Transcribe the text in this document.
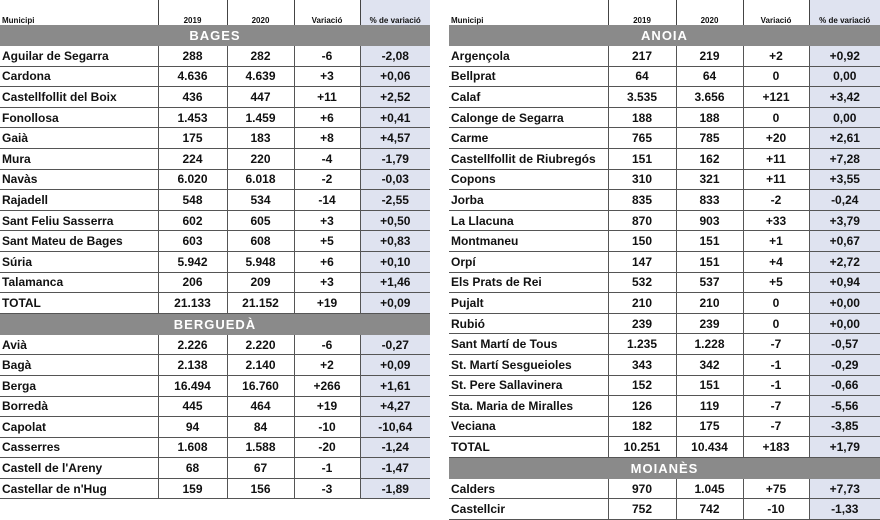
Municipi	2019	2020	Variació	% de variació
BAGES				
Aguilar de Segarra	288	282	-6	-2,08
Cardona	4.636	4.639	+3	+0,06
Castellfollit del Boix	436	447	+11	+2,52
Fonollosa	1.453	1.459	+6	+0,41
Gaià	175	183	+8	+4,57
Mura	224	220	-4	-1,79
Navàs	6.020	6.018	-2	-0,03
Rajadell	548	534	-14	-2,55
Sant Feliu Sasserra	602	605	+3	+0,50
Sant Mateu de Bages	603	608	+5	+0,83
Súria	5.942	5.948	+6	+0,10
Talamanca	206	209	+3	+1,46
TOTAL	21.133	21.152	+19	+0,09
BERGUEDÀ				
Avià	2.226	2.220	-6	-0,27
Bagà	2.138	2.140	+2	+0,09
Berga	16.494	16.760	+266	+1,61
Borredà	445	464	+19	+4,27
Capolat	94	84	-10	-10,64
Casserres	1.608	1.588	-20	-1,24
Castell de l'Areny	68	67	-1	-1,47
Castellar de n'Hug	159	156	-3	-1,89
Municipi	2019	2020	Variació	% de variació
ANOIA				
Argençola	217	219	+2	+0,92
Bellprat	64	64	0	0,00
Calaf	3.535	3.656	+121	+3,42
Calonge de Segarra	188	188	0	0,00
Carme	765	785	+20	+2,61
Castellfollit de Riubregós	151	162	+11	+7,28
Copons	310	321	+11	+3,55
Jorba	835	833	-2	-0,24
La Llacuna	870	903	+33	+3,79
Montmaneu	150	151	+1	+0,67
Orpí	147	151	+4	+2,72
Els Prats de Rei	532	537	+5	+0,94
Pujalt	210	210	0	+0,00
Rubió	239	239	0	+0,00
Sant Martí de Tous	1.235	1.228	-7	-0,57
St. Martí Sesgueioles	343	342	-1	-0,29
St. Pere Sallavinera	152	151	-1	-0,66
Sta. Maria de Miralles	126	119	-7	-5,56
Veciana	182	175	-7	-3,85
TOTAL	10.251	10.434	+183	+1,79
MOIANÈS				
Calders	970	1.045	+75	+7,73
Castellcir	752	742	-10	-1,33
